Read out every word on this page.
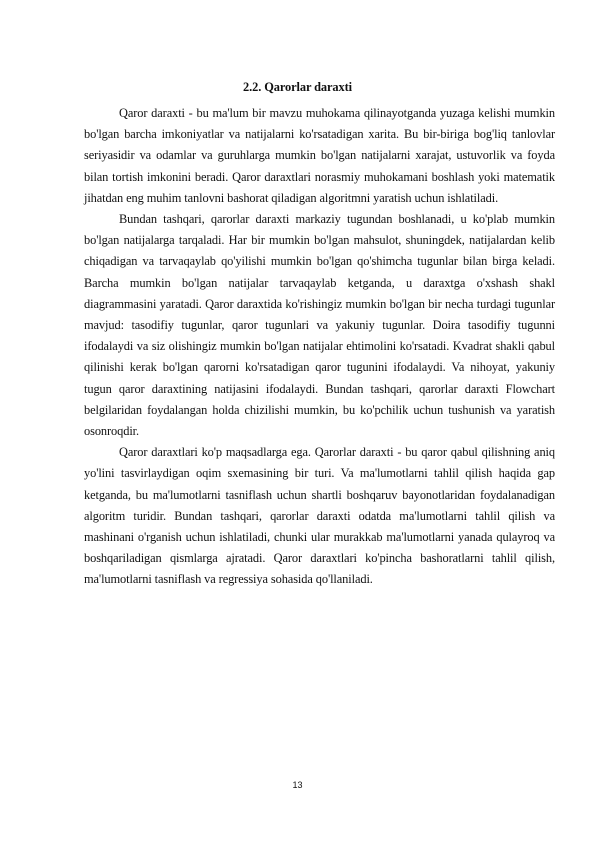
2.2. Qarorlar daraxti

Qaror daraxti - bu ma'lum bir mavzu muhokama qilinayotganda yuzaga kelishi mumkin bo'lgan barcha imkoniyatlar va natijalarni ko'rsatadigan xarita. Bu bir-biriga bog'liq tanlovlar seriyasidir va odamlar va guruhlarga mumkin bo'lgan natijalarni xarajat, ustuvorlik va foyda bilan tortish imkonini beradi. Qaror daraxtlari norasmiy muhokamani boshlash yoki matematik jihatdan eng muhim tanlovni bashorat qiladigan algoritmni yaratish uchun ishlatiladi.

Bundan tashqari, qarorlar daraxti markaziy tugundan boshlanadi, u ko'plab mumkin bo'lgan natijalarga tarqaladi. Har bir mumkin bo'lgan mahsulot, shuningdek, natijalardan kelib chiqadigan va tarvaqaylab qo'yilishi mumkin bo'lgan qo'shimcha tugunlar bilan birga keladi. Barcha mumkin bo'lgan natijalar tarvaqaylab ketganda, u daraxtga o'xshash shakl diagrammasini yaratadi. Qaror daraxtida ko'rishingiz mumkin bo'lgan bir necha turdagi tugunlar mavjud: tasodifiy tugunlar, qaror tugunlari va yakuniy tugunlar. Doira tasodifiy tugunni ifodalaydi va siz olishingiz mumkin bo'lgan natijalar ehtimolini ko'rsatadi. Kvadrat shakli qabul qilinishi kerak bo'lgan qarorni ko'rsatadigan qaror tugunini ifodalaydi. Va nihoyat, yakuniy tugun qaror daraxtining natijasini ifodalaydi. Bundan tashqari, qarorlar daraxti Flowchart belgilaridan foydalangan holda chizilishi mumkin, bu ko'pchilik uchun tushunish va yaratish osonroqdir.

Qaror daraxtlari ko'p maqsadlarga ega. Qarorlar daraxti - bu qaror qabul qilishning aniq yo'lini tasvirlaydigan oqim sxemasining bir turi. Va ma'lumotlarni tahlil qilish haqida gap ketganda, bu ma'lumotlarni tasniflash uchun shartli boshqaruv bayonotlaridan foydalanadigan algoritm turidir. Bundan tashqari, qarorlar daraxti odatda ma'lumotlarni tahlil qilish va mashinani o'rganish uchun ishlatiladi, chunki ular murakkab ma'lumotlarni yanada qulayroq va boshqariladigan qismlarga ajratadi. Qaror daraxtlari ko'pincha bashoratlarni tahlil qilish, ma'lumotlarni tasniflash va regressiya sohasida qo'llaniladi.

13
